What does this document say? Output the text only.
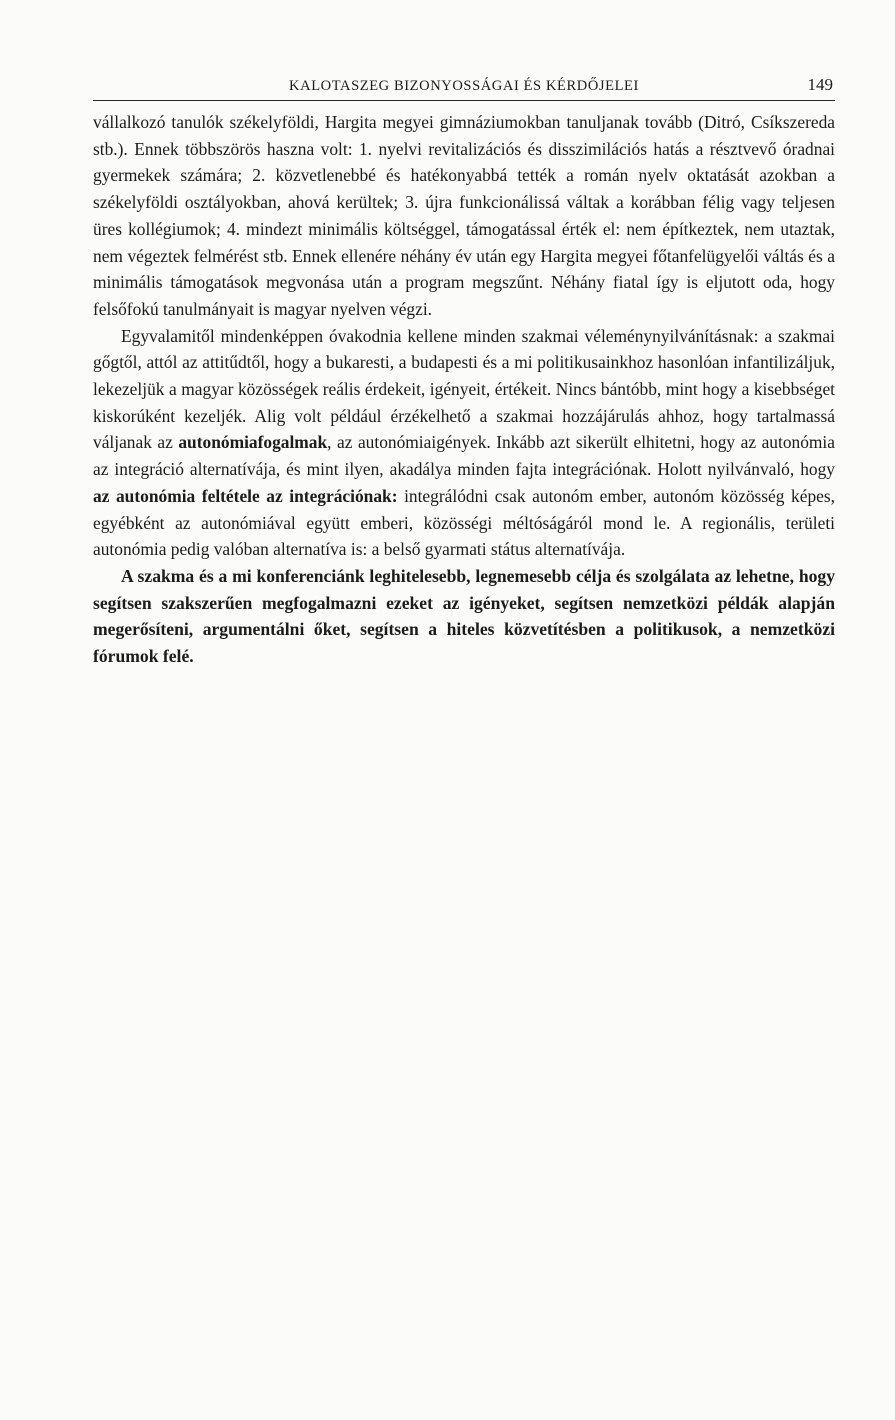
KALOTASZEG BIZONYOSSÁGAI ÉS KÉRDŐJELEI	149

vállalkozó tanulók székelyföldi, Hargita megyei gimnáziumokban tanuljanak tovább (Ditró, Csíkszereda stb.). Ennek többszörös haszna volt: 1. nyelvi revitalizációs és disszimilációs hatás a résztvevő óradnai gyermekek számára; 2. közvetlenebbé és hatékonyabbá tették a román nyelv oktatását azokban a székelyföldi osztályokban, ahová kerültek; 3. újra funkcionálissá váltak a korábban félig vagy teljesen üres kollégiumok; 4. mindezt minimális költséggel, támogatással érték el: nem építkeztek, nem utaztak, nem végeztek felmérést stb. Ennek ellenére néhány év után egy Hargita megyei főtanfelügyelői váltás és a minimális támogatások megvonása után a program megszűnt. Néhány fiatal így is eljutott oda, hogy felsőfokú tanulmányait is magyar nyelven végzi.

Egyvalamitől mindenképpen óvakodnia kellene minden szakmai véleménynyilvánításnak: a szakmai gőgtől, attól az attitűdtől, hogy a bukaresti, a budapesti és a mi politikusainkhoz hasonlóan infantilizáljuk, lekezeljük a magyar közösségek reális érdekeit, igényeit, értékeit. Nincs bántóbb, mint hogy a kisebbséget kiskorúként kezeljék. Alig volt például érzékelhető a szakmai hozzájárulás ahhoz, hogy tartalmassá váljanak az autonómiafogalmak, az autonómiaigények. Inkább azt sikerült elhitetni, hogy az autonómia az integráció alternatívája, és mint ilyen, akadálya minden fajta integrációnak. Holott nyilvánvaló, hogy az autonómia feltétele az integrációnak: integrálódni csak autonóm ember, autonóm közösség képes, egyébként az autonómiával együtt emberi, közösségi méltóságáról mond le. A regionális, területi autonómia pedig valóban alternatíva is: a belső gyarmati státus alternatívája.

A szakma és a mi konferenciánk leghitelesebb, legnemesebb célja és szolgálata az lehetne, hogy segítsen szakszerűen megfogalmazni ezeket az igényeket, segítsen nemzetközi példák alapján megerősíteni, argumentálni őket, segítsen a hiteles közvetítésben a politikusok, a nemzetközi fórumok felé.
